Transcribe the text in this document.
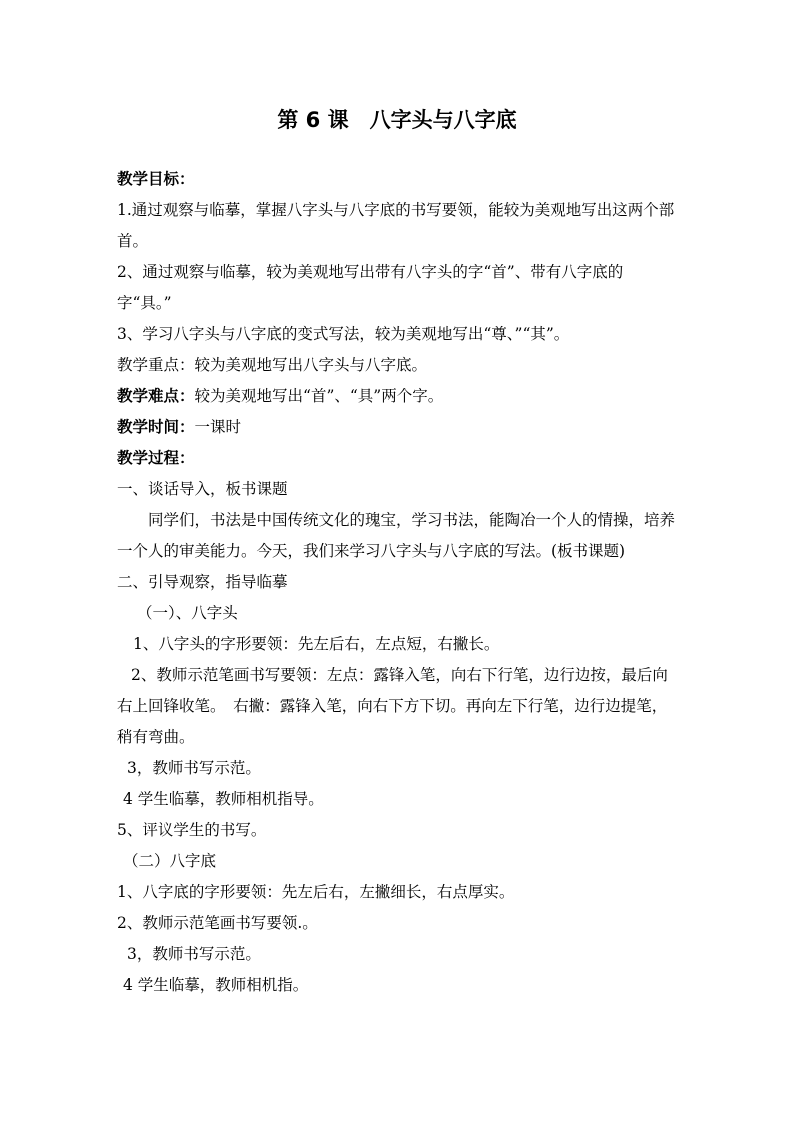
第 6 课　八字头与八字底

教学目标：

1.通过观察与临摹，掌握八字头与八字底的书写要领，能较为美观地写出这两个部首。

2、通过观察与临摹，较为美观地写出带有八字头的字“首”、带有八字底的字“具。”

3、学习八字头与八字底的变式写法，较为美观地写出“尊、”“其”。

教学重点：较为美观地写出八字头与八字底。

教学难点：较为美观地写出“首”、“具”两个字。

教学时间：一课时

教学过程：

一、谈话导入，板书课题

同学们，书法是中国传统文化的瑰宝，学习书法，能陶冶一个人的情操，培养一个人的审美能力。今天，我们来学习八字头与八字底的写法。(板书课题)

二、引导观察，指导临摹

（一）、八字头

1、八字头的字形要领：先左后右，左点短，右撇长。

2、教师示范笔画书写要领：左点：露锋入笔，向右下行笔，边行边按，最后向右上回锋收笔。　右撇：露锋入笔，向右下方下切。再向左下行笔，边行边提笔，稍有弯曲。

3，教师书写示范。

4 学生临摹，教师相机指导。

5、评议学生的书写。

（二）八字底

1、八字底的字形要领：先左后右，左撇细长，右点厚实。

2、教师示范笔画书写要领.。

3，教师书写示范。

4 学生临摹，教师相机指。
